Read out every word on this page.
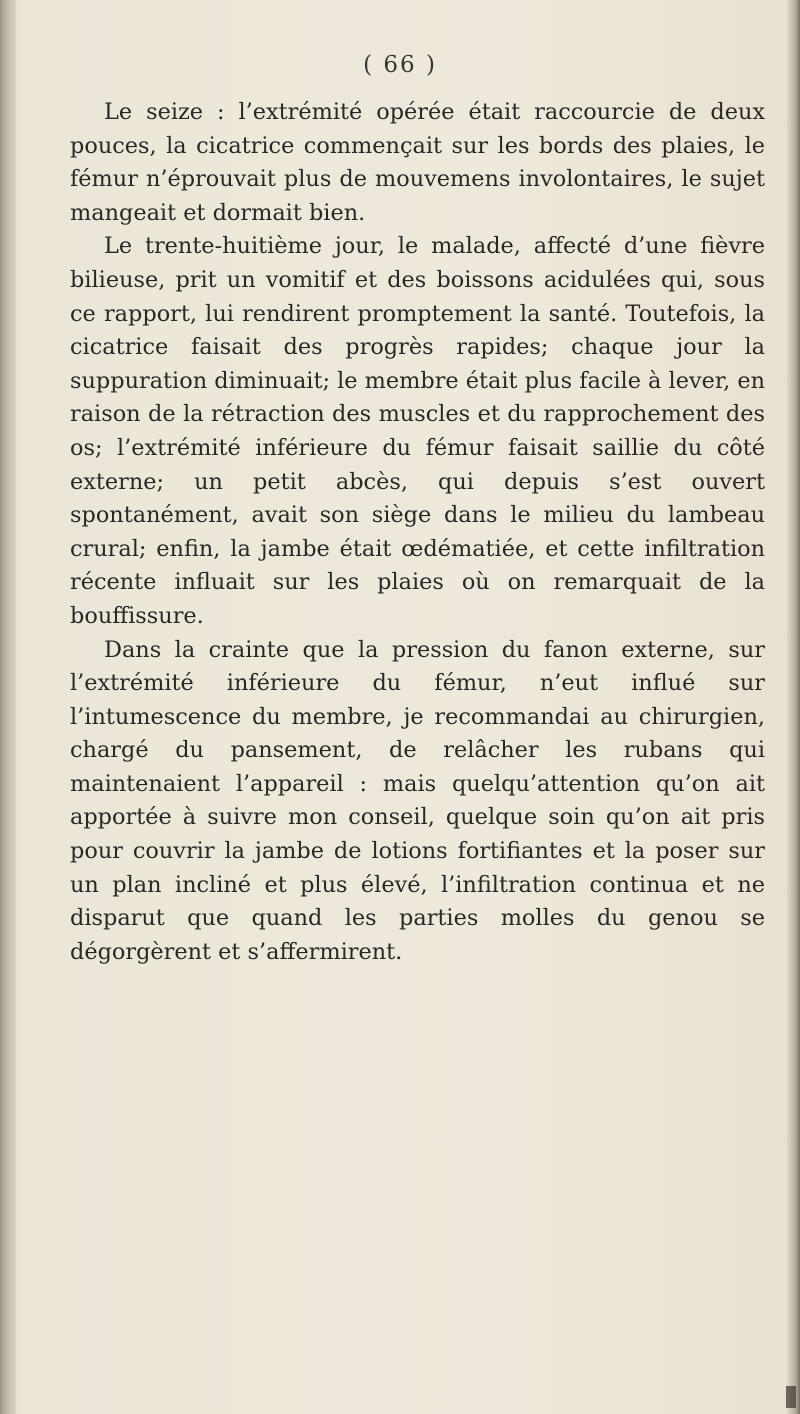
( 66 )

Le seize : l’extrémité opérée était raccourcie de deux pouces, la cicatrice commençait sur les bords des plaies, le fémur n’éprouvait plus de mouvemens involontaires, le sujet mangeait et dormait bien.

Le trente-huitième jour, le malade, affecté d’une fièvre bilieuse, prit un vomitif et des boissons acidulées qui, sous ce rapport, lui rendirent promptement la santé. Toutefois, la cicatrice faisait des progrès rapides; chaque jour la suppuration diminuait; le membre était plus facile à lever, en raison de la rétraction des muscles et du rapprochement des os; l’extrémité inférieure du fémur faisait saillie du côté externe; un petit abcès, qui depuis s’est ouvert spontanément, avait son siège dans le milieu du lambeau crural; enfin, la jambe était œdématiée, et cette infiltration récente influait sur les plaies où on remarquait de la bouffissure.

Dans la crainte que la pression du fanon externe, sur l’extrémité inférieure du fémur, n’eut influé sur l’intumescence du membre, je recommandai au chirurgien, chargé du pansement, de relâcher les rubans qui maintenaient l’appareil : mais quelqu’attention qu’on ait apportée à suivre mon conseil, quelque soin qu’on ait pris pour couvrir la jambe de lotions fortifiantes et la poser sur un plan incliné et plus élevé, l’infiltration continua et ne disparut que quand les parties molles du genou se dégorgèrent et s’affermirent.
